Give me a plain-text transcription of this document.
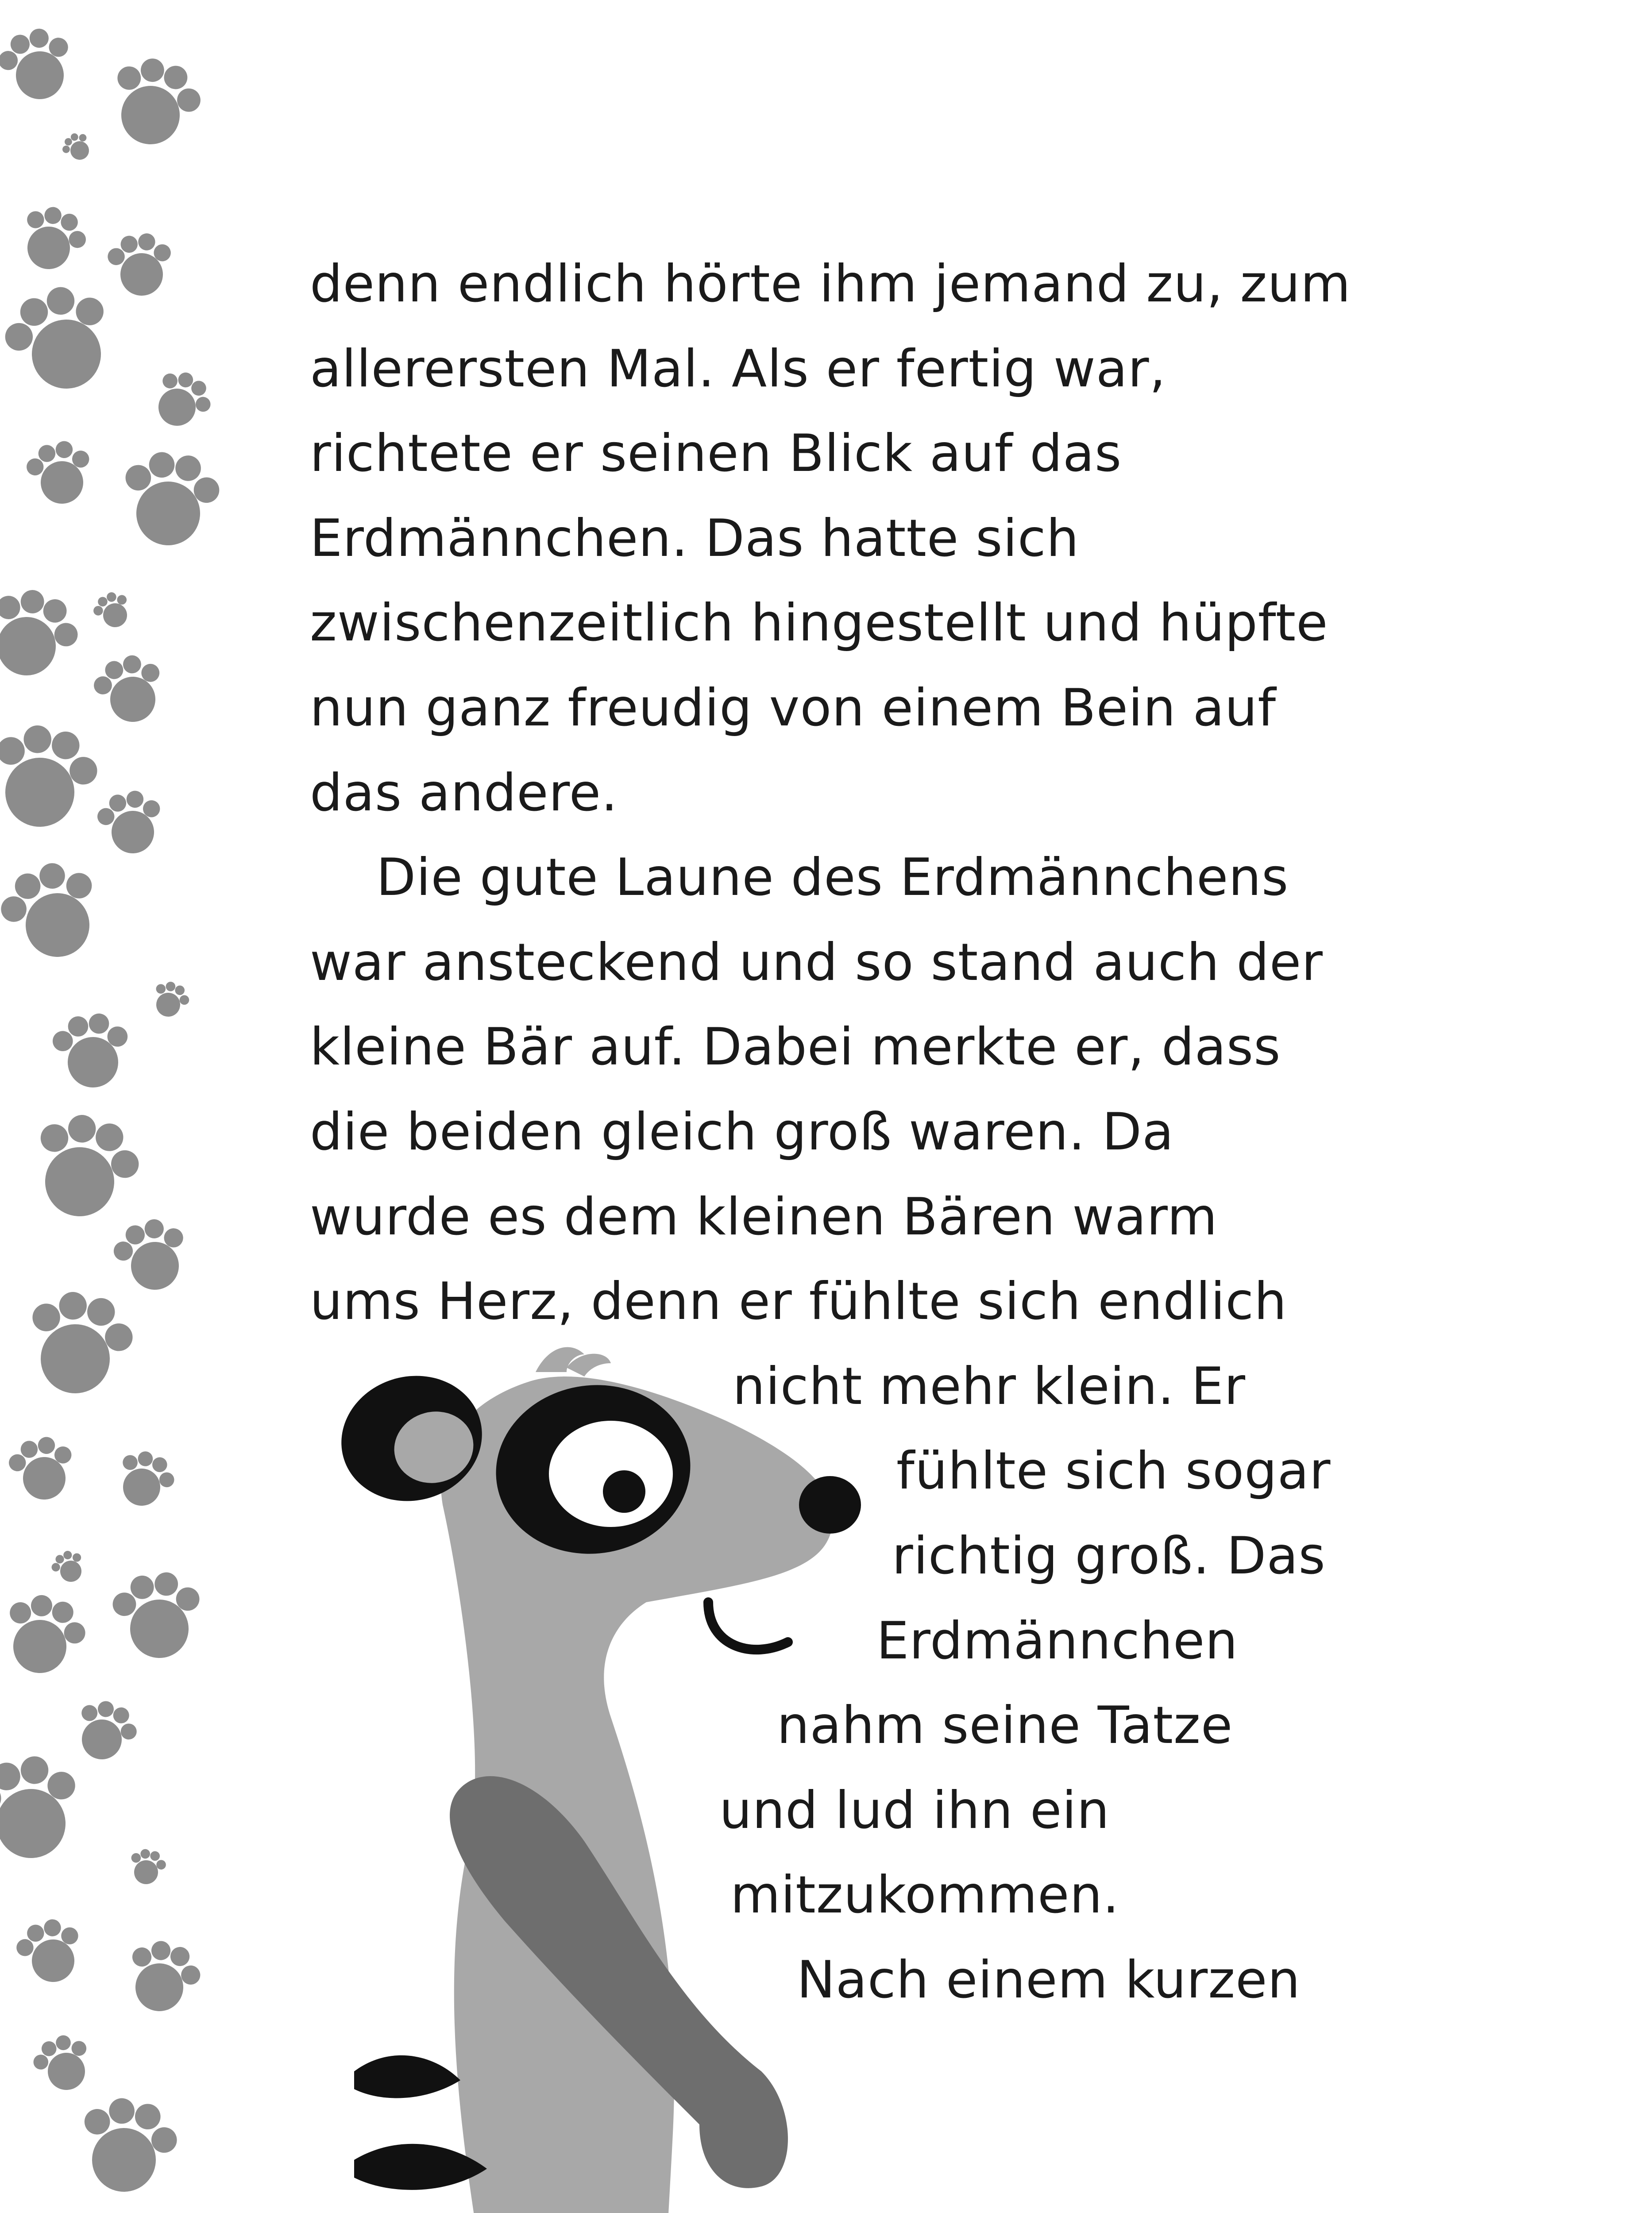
denn endlich hörte ihm jemand zu, zum
allerersten Mal. Als er fertig war,
richtete er seinen Blick auf das
Erdmännchen. Das hatte sich
zwischenzeitlich hingestellt und hüpfte
nun ganz freudig von einem Bein auf
das andere.
Die gute Laune des Erdmännchens
war ansteckend und so stand auch der
kleine Bär auf. Dabei merkte er, dass
die beiden gleich groß waren. Da
wurde es dem kleinen Bären warm
ums Herz, denn er fühlte sich endlich
nicht mehr klein. Er
fühlte sich sogar
richtig groß. Das
Erdmännchen
nahm seine Tatze
und lud ihn ein
mitzukommen.
Nach einem kurzen
